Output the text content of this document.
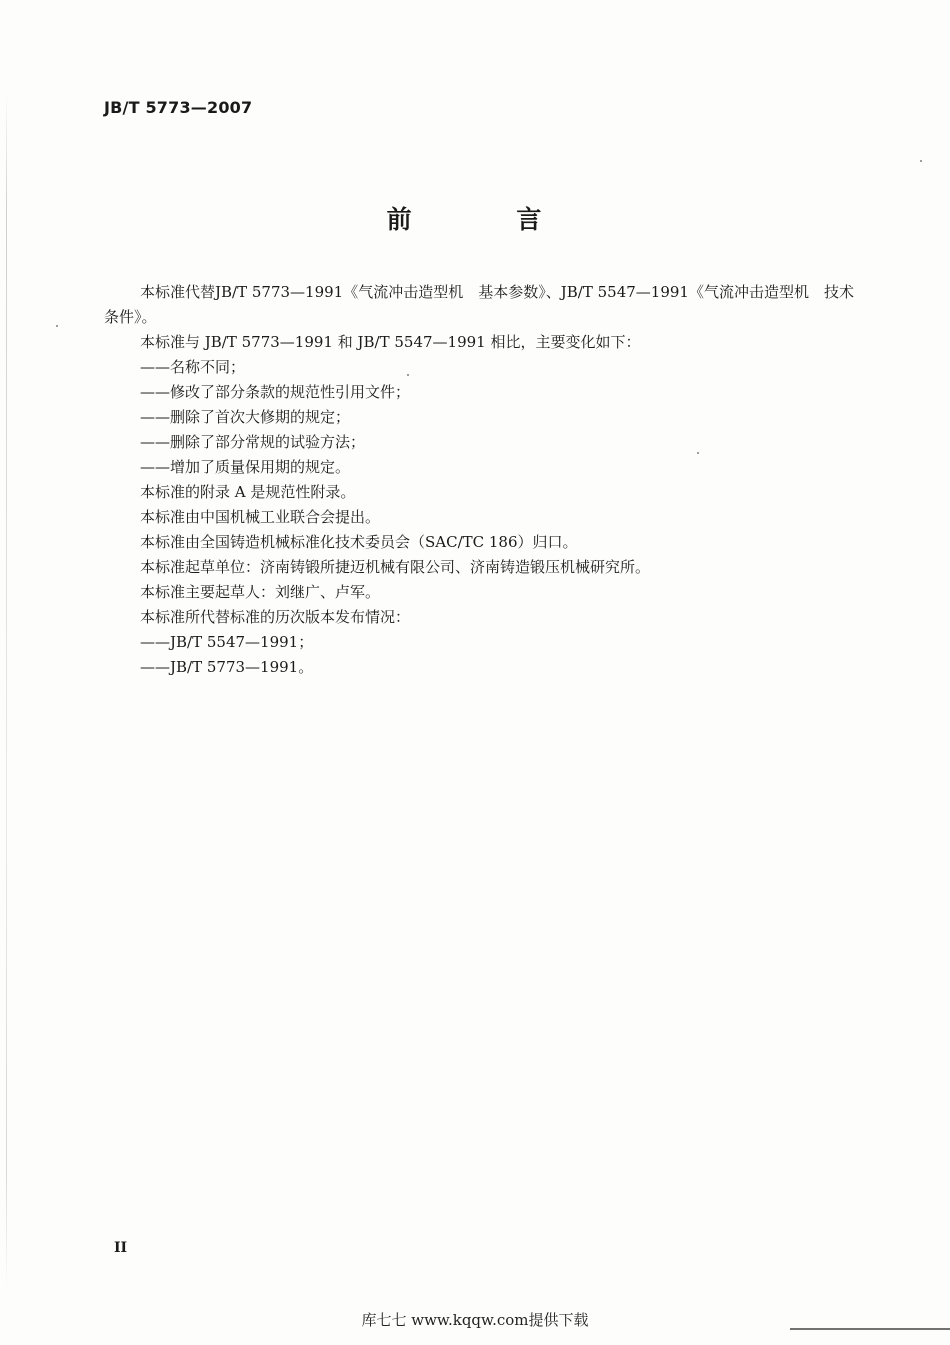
JB/T 5773—2007
前 言

本标准代替JB/T 5773—1991《气流冲击造型机　基本参数》、JB/T 5547—1991《气流冲击造型机　技术条件》。

本标准与 JB/T 5773—1991 和 JB/T 5547—1991 相比，主要变化如下：

——名称不同；

——修改了部分条款的规范性引用文件；

——删除了首次大修期的规定；

——删除了部分常规的试验方法；

——增加了质量保用期的规定。

本标准的附录 A 是规范性附录。

本标准由中国机械工业联合会提出。

本标准由全国铸造机械标准化技术委员会（SAC/TC 186）归口。

本标准起草单位：济南铸锻所捷迈机械有限公司、济南铸造锻压机械研究所。

本标准主要起草人：刘继广、卢军。

本标准所代替标准的历次版本发布情况：

——JB/T 5547—1991；

——JB/T 5773—1991。

II
库七七 www.kqqw.com提供下载
